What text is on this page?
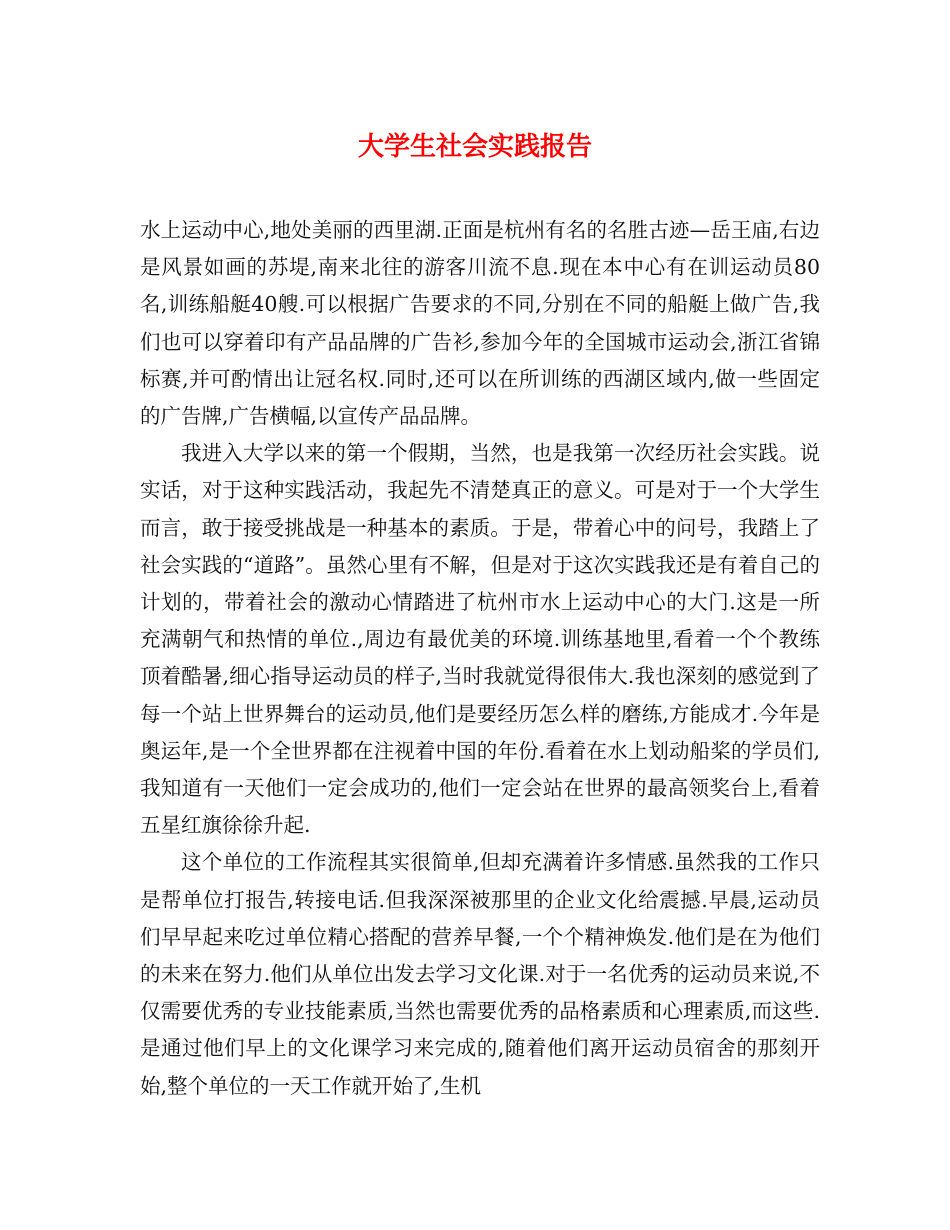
大学生社会实践报告

水上运动中心,地处美丽的西里湖.正面是杭州有名的名胜古迹—岳王庙,右边是风景如画的苏堤,南来北往的游客川流不息.现在本中心有在训运动员80名,训练船艇40艘.可以根据广告要求的不同,分别在不同的船艇上做广告,我们也可以穿着印有产品品牌的广告衫,参加今年的全国城市运动会,浙江省锦标赛,并可酌情出让冠名权.同时,还可以在所训练的西湖区域内,做一些固定的广告牌,广告横幅,以宣传产品品牌。

我进入大学以来的第一个假期，当然，也是我第一次经历社会实践。说实话，对于这种实践活动，我起先不清楚真正的意义。可是对于一个大学生而言，敢于接受挑战是一种基本的素质。于是，带着心中的问号，我踏上了社会实践的“道路”。虽然心里有不解，但是对于这次实践我还是有着自己的计划的，带着社会的激动心情踏进了杭州市水上运动中心的大门.这是一所充满朝气和热情的单位.,周边有最优美的环境.训练基地里,看着一个个教练顶着酷暑,细心指导运动员的样子,当时我就觉得很伟大.我也深刻的感觉到了每一个站上世界舞台的运动员,他们是要经历怎么样的磨练,方能成才.今年是奥运年,是一个全世界都在注视着中国的年份.看着在水上划动船桨的学员们,我知道有一天他们一定会成功的,他们一定会站在世界的最高领奖台上,看着五星红旗徐徐升起.

这个单位的工作流程其实很简单,但却充满着许多情感.虽然我的工作只是帮单位打报告,转接电话.但我深深被那里的企业文化给震撼.早晨,运动员们早早起来吃过单位精心搭配的营养早餐,一个个精神焕发.他们是在为他们的未来在努力.他们从单位出发去学习文化课.对于一名优秀的运动员来说,不仅需要优秀的专业技能素质,当然也需要优秀的品格素质和心理素质,而这些.是通过他们早上的文化课学习来完成的,随着他们离开运动员宿舍的那刻开始,整个单位的一天工作就开始了,生机
